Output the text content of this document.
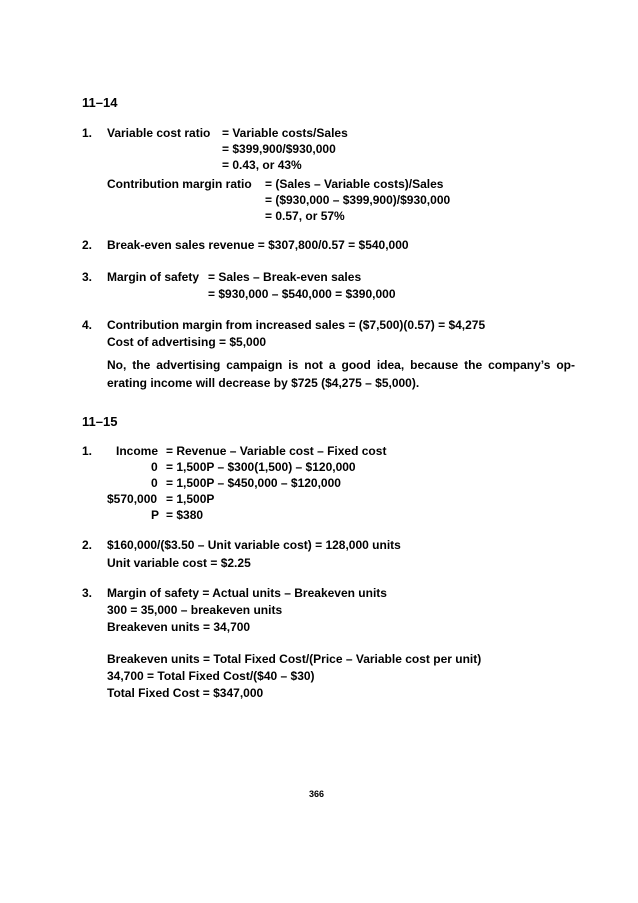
11–14
1. Variable cost ratio = Variable costs/Sales
= $399,900/$930,000
= 0.43, or 43%
Contribution margin ratio = (Sales – Variable costs)/Sales
= ($930,000 – $399,900)/$930,000
= 0.57, or 57%
2. Break-even sales revenue = $307,800/0.57 = $540,000
3. Margin of safety = Sales – Break-even sales
= $930,000 – $540,000 = $390,000
4. Contribution margin from increased sales = ($7,500)(0.57) = $4,275
Cost of advertising = $5,000
No, the advertising campaign is not a good idea, because the company’s op-erating income will decrease by $725 ($4,275 – $5,000).
11–15
1. Income = Revenue – Variable cost – Fixed cost
0 = 1,500P – $300(1,500) – $120,000
0 = 1,500P – $450,000 – $120,000
$570,000 = 1,500P
P = $380
2. $160,000/($3.50 – Unit variable cost) = 128,000 units
Unit variable cost = $2.25
3. Margin of safety = Actual units – Breakeven units
300 = 35,000 – breakeven units
Breakeven units = 34,700
Breakeven units = Total Fixed Cost/(Price – Variable cost per unit)
34,700 = Total Fixed Cost/($40 – $30)
Total Fixed Cost = $347,000
366
